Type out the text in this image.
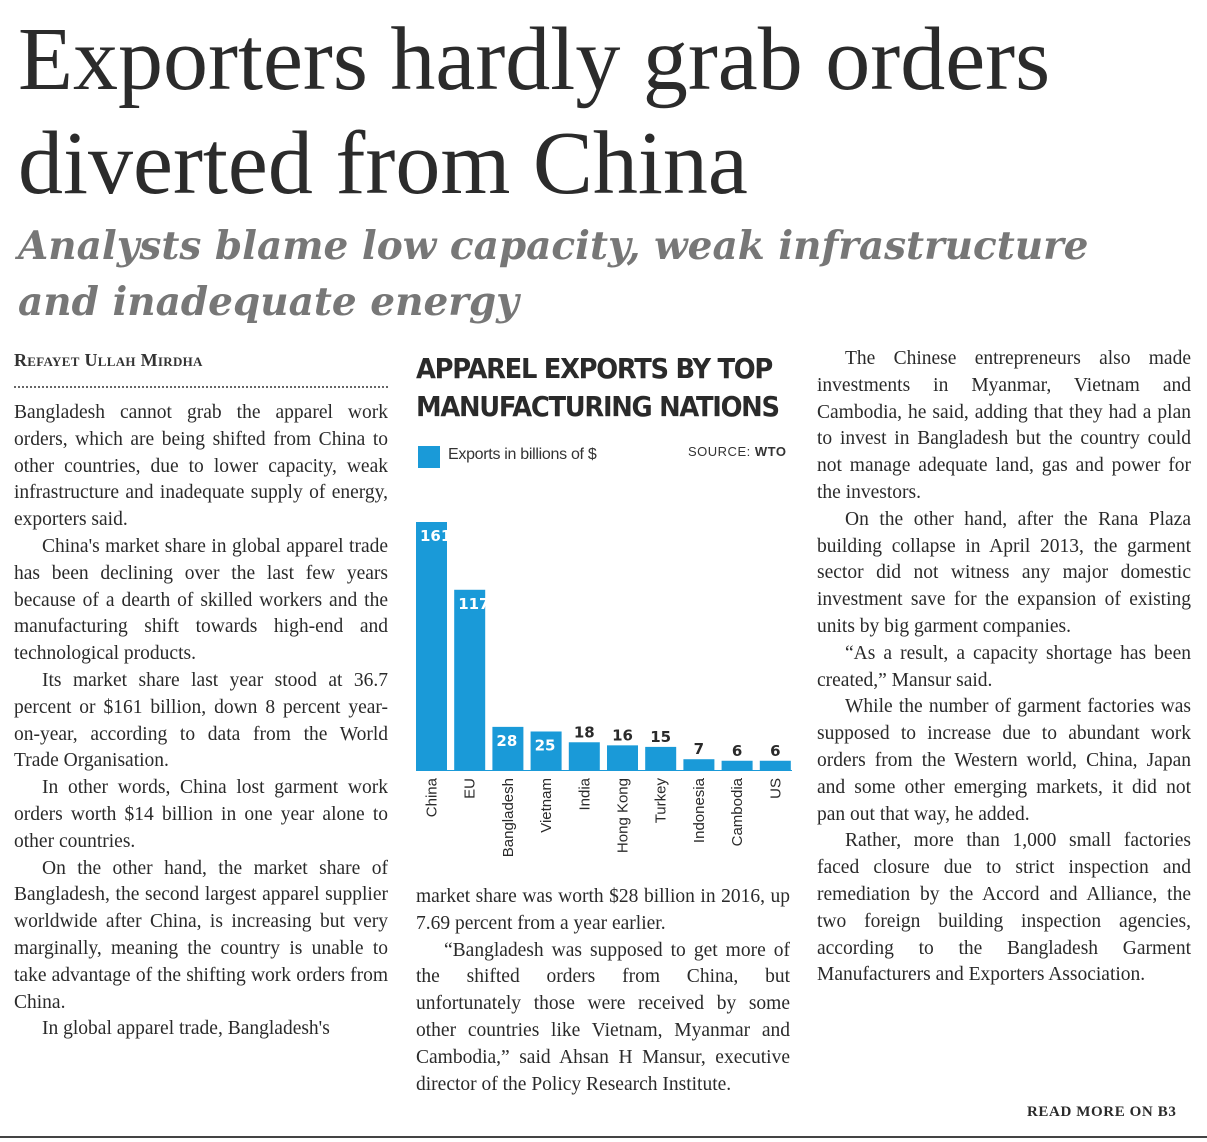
Exporters hardly grab orders
diverted from China
Analysts blame low capacity, weak infrastructure
and inadequate energy
Refayet Ullah Mirdha

Bangladesh cannot grab the apparel work orders, which are being shifted from China to other countries, due to lower capacity, weak infrastructure and inadequate supply of energy, exporters said.

China's market share in global apparel trade has been declining over the last few years because of a dearth of skilled workers and the manufacturing shift towards high-end and technological products.

Its market share last year stood at 36.7 percent or $161 billion, down 8 percent year-on-year, according to data from the World Trade Organisation.

In other words, China lost garment work orders worth $14 billion in one year alone to other countries.

On the other hand, the market share of Bangladesh, the second largest apparel supplier worldwide after China, is increasing but very marginally, meaning the country is unable to take advantage of the shifting work orders from China.

In global apparel trade, Bangladesh's

APPAREL EXPORTS BY TOP
MANUFACTURING NATIONS
Exports in billions of $	SOURCE: WTO
161
China
117
EU
28
Bangladesh
25
Vietnam
18
India
16
Hong Kong
15
Turkey
7
Indonesia
6
Cambodia
6
US

market share was worth $28 billion in 2016, up 7.69 percent from a year earlier.

“Bangladesh was supposed to get more of the shifted orders from China, but unfortunately those were received by some other countries like Vietnam, Myanmar and Cambodia,” said Ahsan H Mansur, executive director of the Policy Research Institute.

The Chinese entrepreneurs also made investments in Myanmar, Vietnam and Cambodia, he said, adding that they had a plan to invest in Bangladesh but the country could not manage adequate land, gas and power for the investors.

On the other hand, after the Rana Plaza building collapse in April 2013, the garment sector did not witness any major domestic investment save for the expansion of existing units by big garment companies.

“As a result, a capacity shortage has been created,” Mansur said.

While the number of garment factories was supposed to increase due to abundant work orders from the Western world, China, Japan and some other emerging markets, it did not pan out that way, he added.

Rather, more than 1,000 small factories faced closure due to strict inspection and remediation by the Accord and Alliance, the two foreign building inspection agencies, according to the Bangladesh Garment Manufacturers and Exporters Association.

READ MORE ON B3
